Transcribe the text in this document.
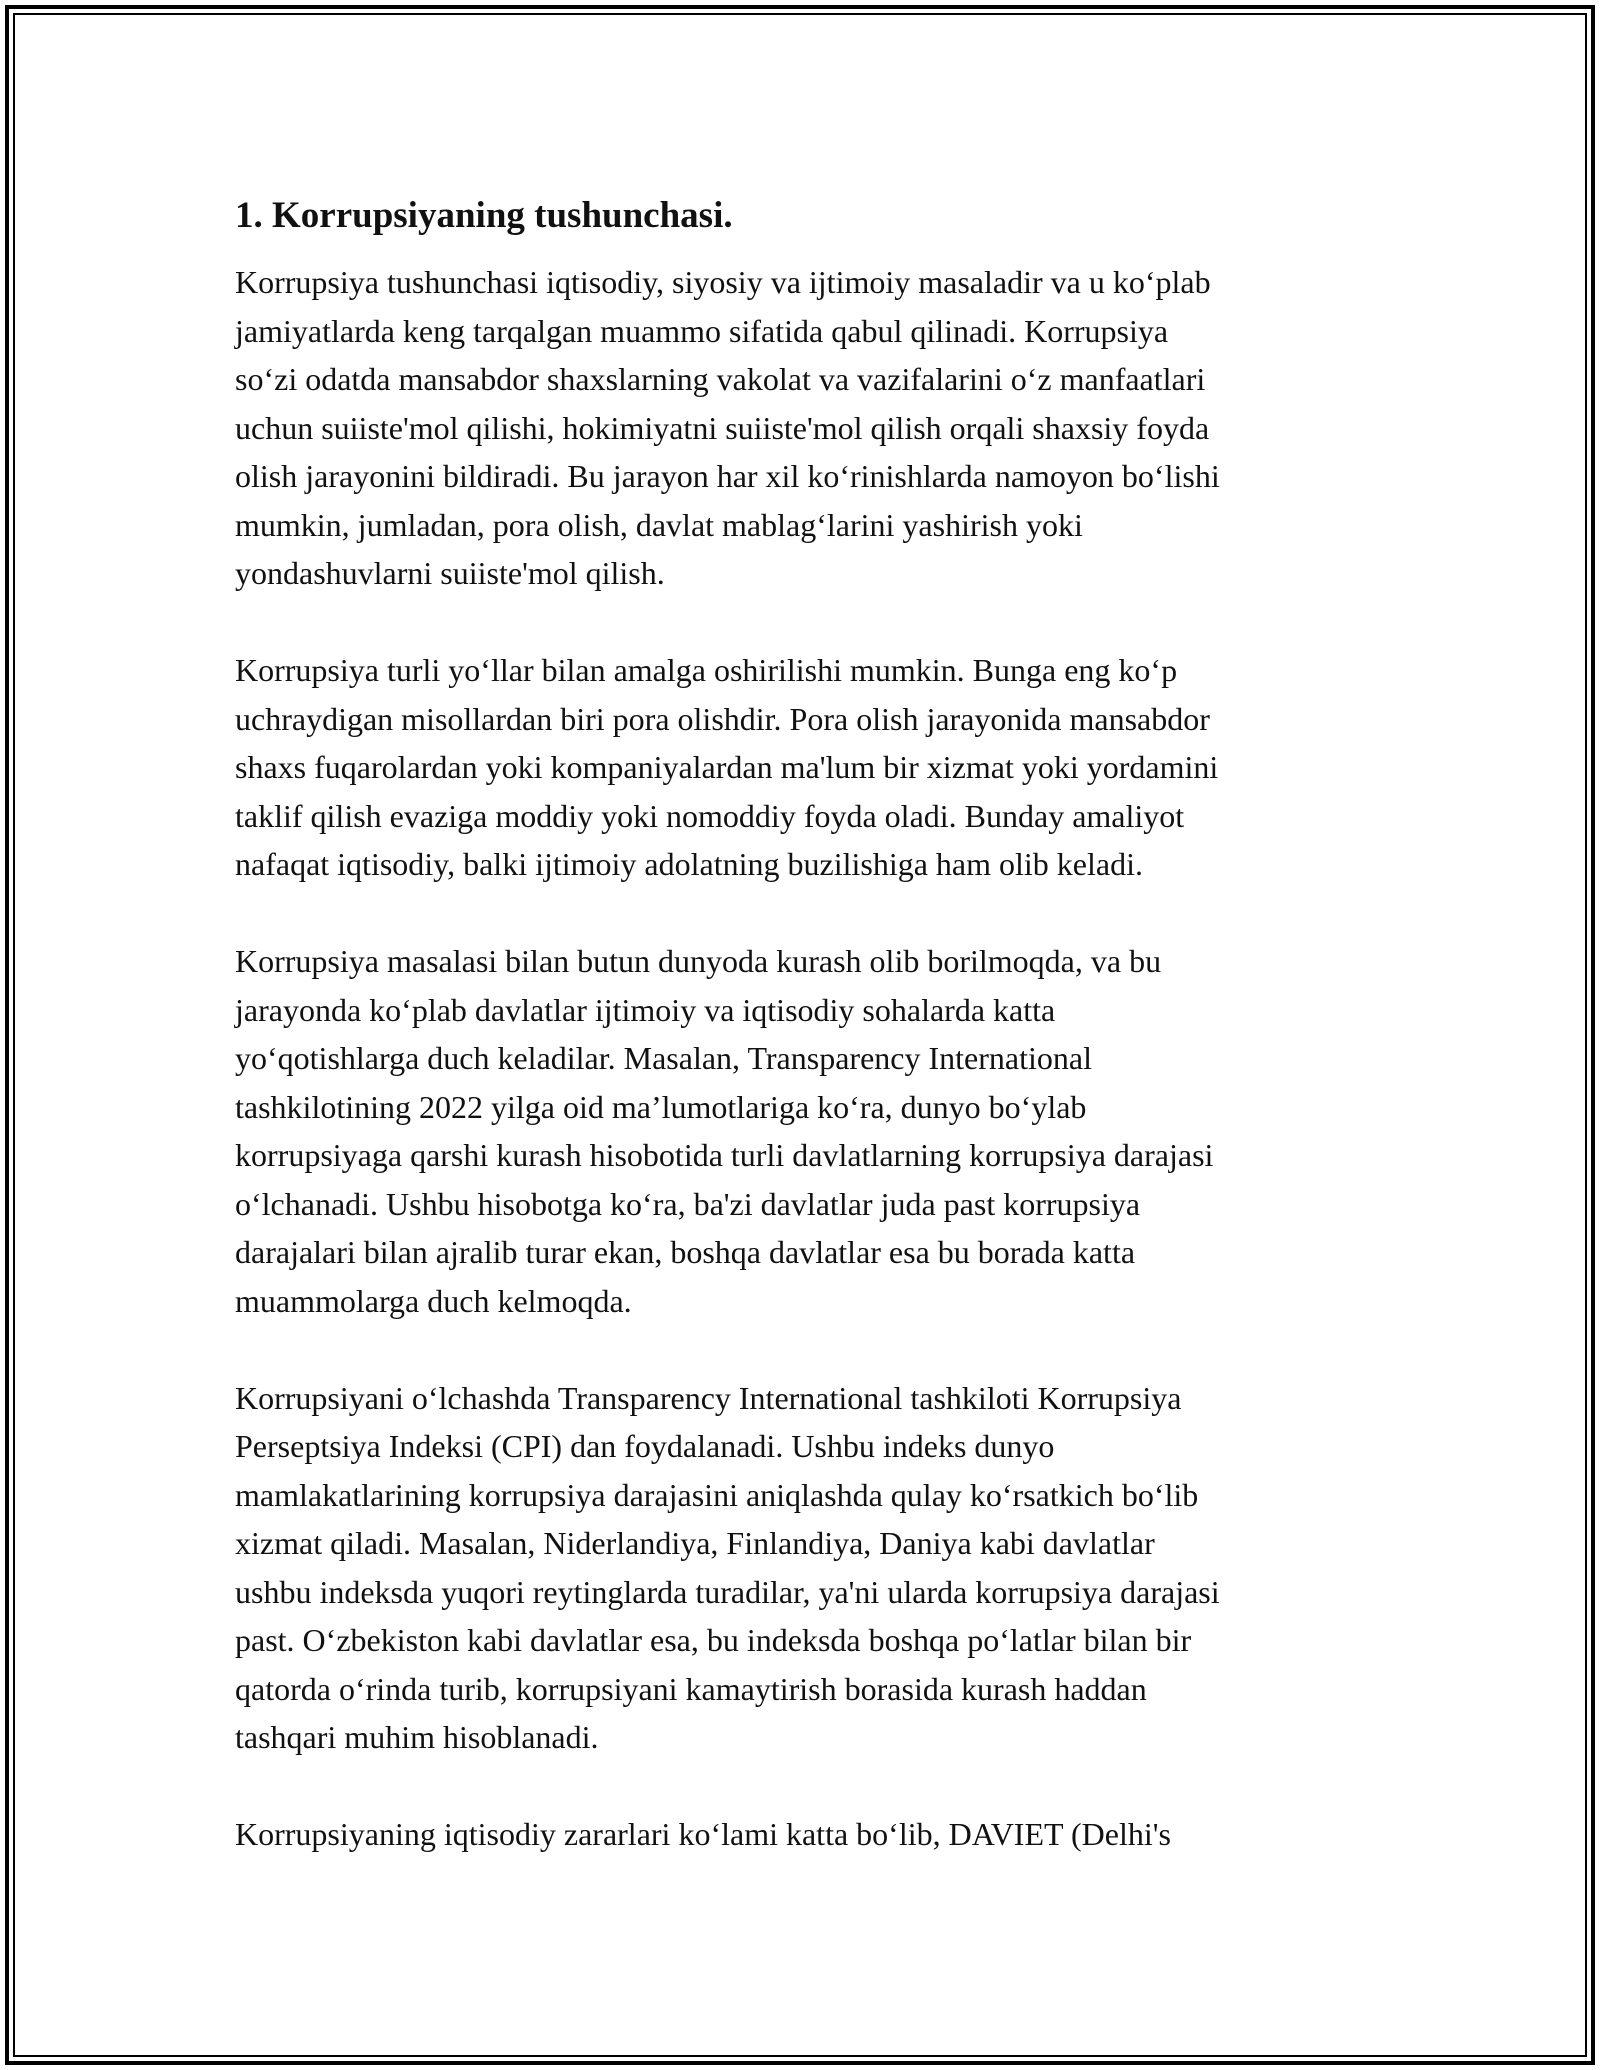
1. Korrupsiyaning tushunchasi.

Korrupsiya tushunchasi iqtisodiy, siyosiy va ijtimoiy masaladir va u ko‘plab
jamiyatlarda keng tarqalgan muammo sifatida qabul qilinadi. Korrupsiya
so‘zi odatda mansabdor shaxslarning vakolat va vazifalarini o‘z manfaatlari
uchun suiiste'mol qilishi, hokimiyatni suiiste'mol qilish orqali shaxsiy foyda
olish jarayonini bildiradi. Bu jarayon har xil ko‘rinishlarda namoyon bo‘lishi
mumkin, jumladan, pora olish, davlat mablag‘larini yashirish yoki
yondashuvlarni suiiste'mol qilish.

Korrupsiya turli yo‘llar bilan amalga oshirilishi mumkin. Bunga eng ko‘p
uchraydigan misollardan biri pora olishdir. Pora olish jarayonida mansabdor
shaxs fuqarolardan yoki kompaniyalardan ma'lum bir xizmat yoki yordamini
taklif qilish evaziga moddiy yoki nomoddiy foyda oladi. Bunday amaliyot
nafaqat iqtisodiy, balki ijtimoiy adolatning buzilishiga ham olib keladi.

Korrupsiya masalasi bilan butun dunyoda kurash olib borilmoqda, va bu
jarayonda ko‘plab davlatlar ijtimoiy va iqtisodiy sohalarda katta
yo‘qotishlarga duch keladilar. Masalan, Transparency International
tashkilotining 2022 yilga oid ma’lumotlariga ko‘ra, dunyo bo‘ylab
korrupsiyaga qarshi kurash hisobotida turli davlatlarning korrupsiya darajasi
o‘lchanadi. Ushbu hisobotga ko‘ra, ba'zi davlatlar juda past korrupsiya
darajalari bilan ajralib turar ekan, boshqa davlatlar esa bu borada katta
muammolarga duch kelmoqda.

Korrupsiyani o‘lchashda Transparency International tashkiloti Korrupsiya
Perseptsiya Indeksi (CPI) dan foydalanadi. Ushbu indeks dunyo
mamlakatlarining korrupsiya darajasini aniqlashda qulay ko‘rsatkich bo‘lib
xizmat qiladi. Masalan, Niderlandiya, Finlandiya, Daniya kabi davlatlar
ushbu indeksda yuqori reytinglarda turadilar, ya'ni ularda korrupsiya darajasi
past. O‘zbekiston kabi davlatlar esa, bu indeksda boshqa po‘latlar bilan bir
qatorda o‘rinda turib, korrupsiyani kamaytirish borasida kurash haddan
tashqari muhim hisoblanadi.

Korrupsiyaning iqtisodiy zararlari ko‘lami katta bo‘lib, DAVIET (Delhi's
